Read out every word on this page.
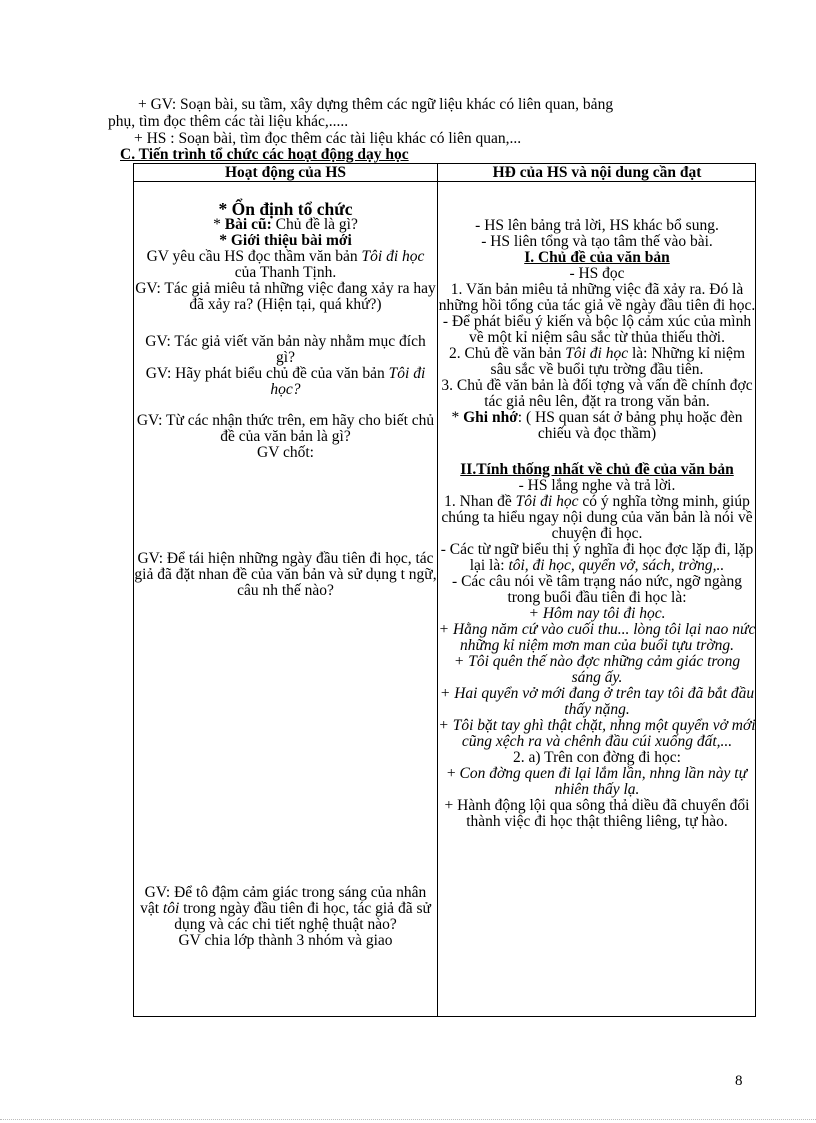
+ GV: Soạn bài, su tầm, xây dựng thêm các ngữ liệu khác có liên quan, bảng

phụ, tìm đọc thêm các tài liệu khác,.....

+ HS : Soạn bài, tìm đọc thêm các tài liệu khác có liên quan,...

C. Tiến trình tổ chức các hoạt động dạy học
Hoạt động của HS	HĐ của HS và nội dung cần đạt

* Ổn định tổ chức

* Bài cũ: Chủ đề là gì?

* Giới thiệu bài mới

GV yêu cầu HS đọc thầm văn bản Tôi đi học của Thanh Tịnh.

GV: Tác giả miêu tả những việc đang xảy ra hay đã xảy ra? (Hiện tại, quá khứ?)

GV: Tác giả viết văn bản này nhằm mục đích gì?

GV: Hãy phát biểu chủ đề của văn bản Tôi đi học?

GV: Từ các nhận thức trên, em hãy cho biết chủ đề của văn bản là gì?

GV chốt:

GV: Để tái hiện những ngày đầu tiên đi học, tác giả đã đặt nhan đề của văn bản và sử dụng t ngữ, câu nh thế nào?

GV: Để tô đậm cảm giác trong sáng của nhân vật tôi trong ngày đầu tiên đi học, tác giả đã sử dụng và các chi tiết nghệ thuật nào?

GV chia lớp thành 3 nhóm và giao

- HS lên bảng trả lời, HS khác bổ sung.

- HS liên tổng và tạo tâm thế vào bài.

I. Chủ đề của văn bản

- HS đọc

1. Văn bản miêu tả những việc đã xảy ra. Đó là những hồi tổng của tác giả về ngày đầu tiên đi học.

- Để phát biểu ý kiến và bộc lộ cảm xúc của mình về một kỉ niệm sâu sắc từ thủa thiếu thời.

2. Chủ đề văn bản Tôi đi học là: Những kỉ niệm sâu sắc về buổi tựu trờng đầu tiên.

3. Chủ đề văn bản là đối tợng và vấn đề chính đợc tác giả nêu lên, đặt ra trong văn bản.

* Ghi nhớ: ( HS quan sát ở bảng phụ hoặc đèn chiếu và đọc thầm)

II.Tính thống nhất về chủ đề của văn bản

- HS lắng nghe và trả lời.

1. Nhan đề Tôi đi học có ý nghĩa tờng minh, giúp chúng ta hiểu ngay nội dung của văn bản là nói về chuyện đi học.

- Các từ ngữ biểu thị ý nghĩa đi học đợc lặp đi, lặp lại là: tôi, đi học, quyển vở, sách, trờng,..

- Các câu nói về tâm trạng náo nức, ngỡ ngàng trong buổi đầu tiên đi học là:

+ Hôm nay tôi đi học.

+ Hằng năm cứ vào cuối thu... lòng tôi lại nao nức những kỉ niệm mơn man của buổi tựu trờng.

+ Tôi quên thế nào đợc những cảm giác trong sáng ấy.

+ Hai quyển vở mới đang ở trên tay tôi đã bắt đầu thấy nặng.

+ Tôi bặt tay ghì thật chặt, nhng một quyển vở mới cũng xệch ra và chênh đầu cúi xuống đất,...

2. a) Trên con đờng đi học:

+ Con đờng quen đi lại lắm lần, nhng lần này tự nhiên thấy lạ.

+ Hành động lội qua sông thả diều đã chuyển đổi thành việc đi học thật thiêng liêng, tự hào.

8
